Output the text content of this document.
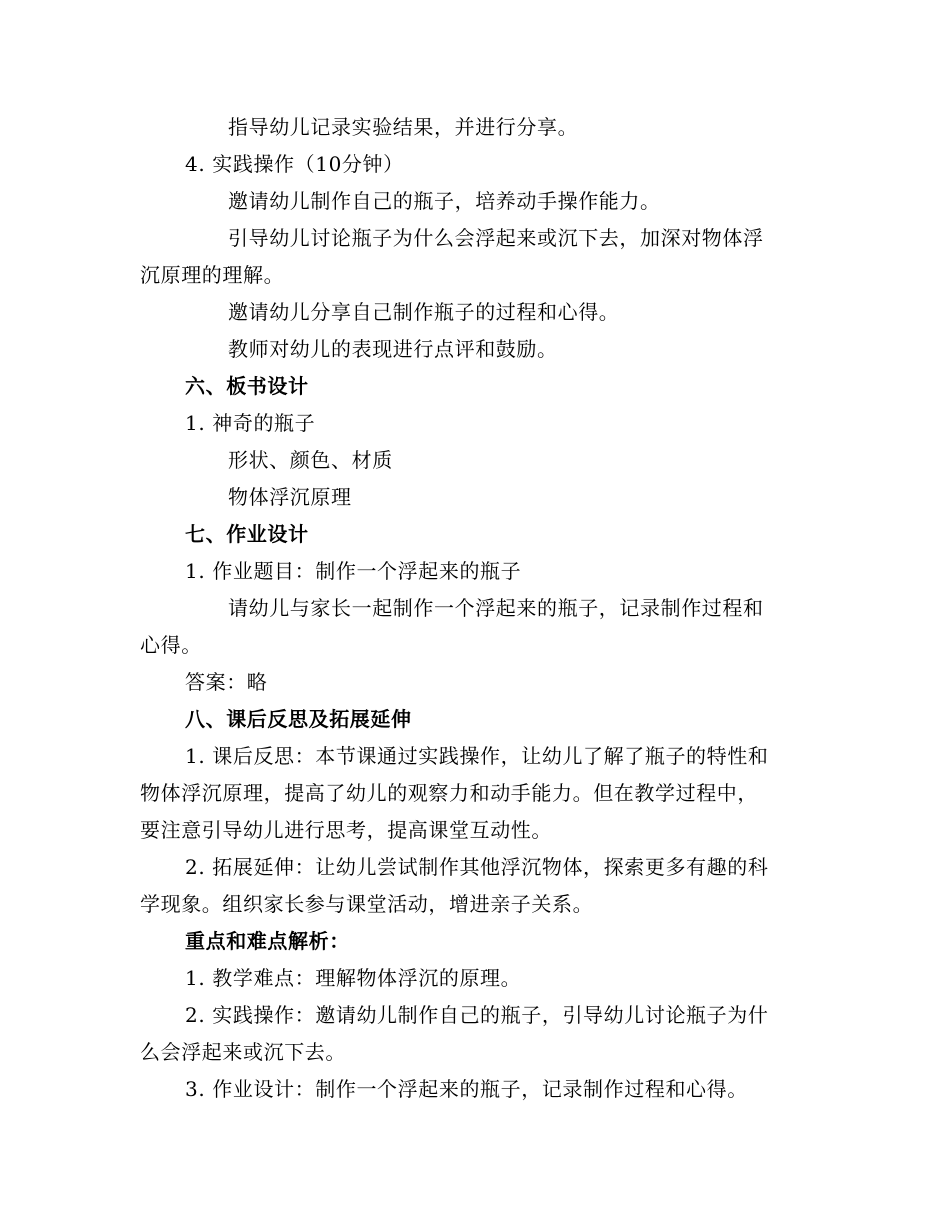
指导幼儿记录实验结果，并进行分享。
4. 实践操作（10分钟）
邀请幼儿制作自己的瓶子，培养动手操作能力。
引导幼儿讨论瓶子为什么会浮起来或沉下去，加深对物体浮
沉原理的理解。
邀请幼儿分享自己制作瓶子的过程和心得。
教师对幼儿的表现进行点评和鼓励。
六、板书设计
1. 神奇的瓶子
形状、颜色、材质
物体浮沉原理
七、作业设计
1. 作业题目：制作一个浮起来的瓶子
请幼儿与家长一起制作一个浮起来的瓶子，记录制作过程和
心得。
答案：略
八、课后反思及拓展延伸
1. 课后反思：本节课通过实践操作，让幼儿了解了瓶子的特性和
物体浮沉原理，提高了幼儿的观察力和动手能力。但在教学过程中，
要注意引导幼儿进行思考，提高课堂互动性。
2. 拓展延伸：让幼儿尝试制作其他浮沉物体，探索更多有趣的科
学现象。组织家长参与课堂活动，增进亲子关系。
重点和难点解析：
1. 教学难点：理解物体浮沉的原理。
2. 实践操作：邀请幼儿制作自己的瓶子，引导幼儿讨论瓶子为什
么会浮起来或沉下去。
3. 作业设计：制作一个浮起来的瓶子，记录制作过程和心得。
